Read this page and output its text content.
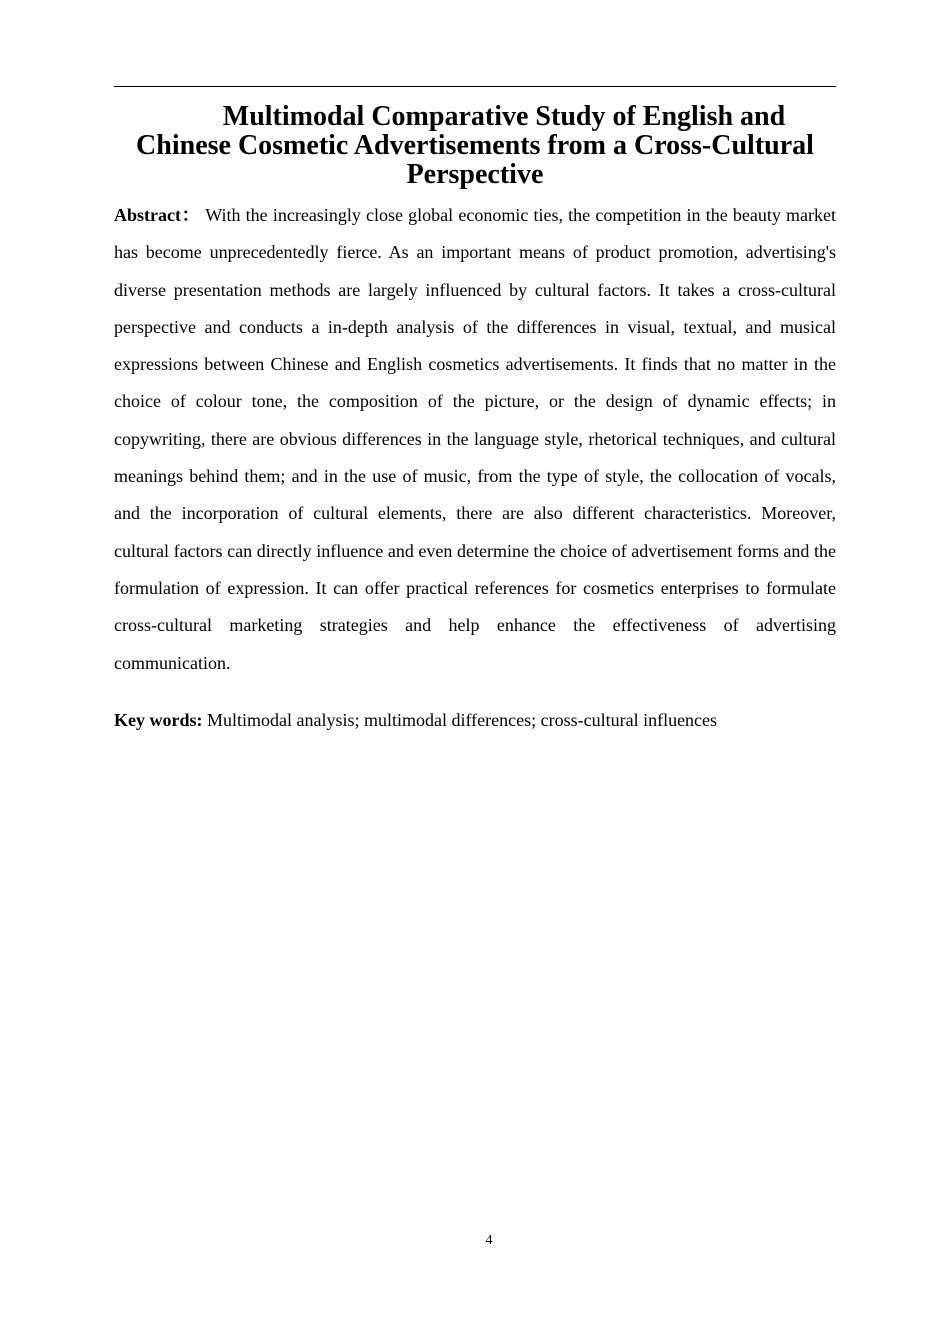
Multimodal Comparative Study of English and
Chinese Cosmetic Advertisements from a Cross-Cultural
Perspective

Abstract： With the increasingly close global economic ties, the competition in the beauty market has become unprecedentedly fierce. As an important means of product promotion, advertising's diverse presentation methods are largely influenced by cultural factors. It takes a cross-cultural perspective and conducts a in-depth analysis of the differences in visual, textual, and musical expressions between Chinese and English cosmetics advertisements. It finds that no matter in the choice of colour tone, the composition of the picture, or the design of dynamic effects; in copywriting, there are obvious differences in the language style, rhetorical techniques, and cultural meanings behind them; and in the use of music, from the type of style, the collocation of vocals, and the incorporation of cultural elements, there are also different characteristics. Moreover, cultural factors can directly influence and even determine the choice of advertisement forms and the formulation of expression. It can offer practical references for cosmetics enterprises to formulate cross-cultural marketing strategies and help enhance the effectiveness of advertising communication.

Key words: Multimodal analysis; multimodal differences; cross-cultural influences

4
